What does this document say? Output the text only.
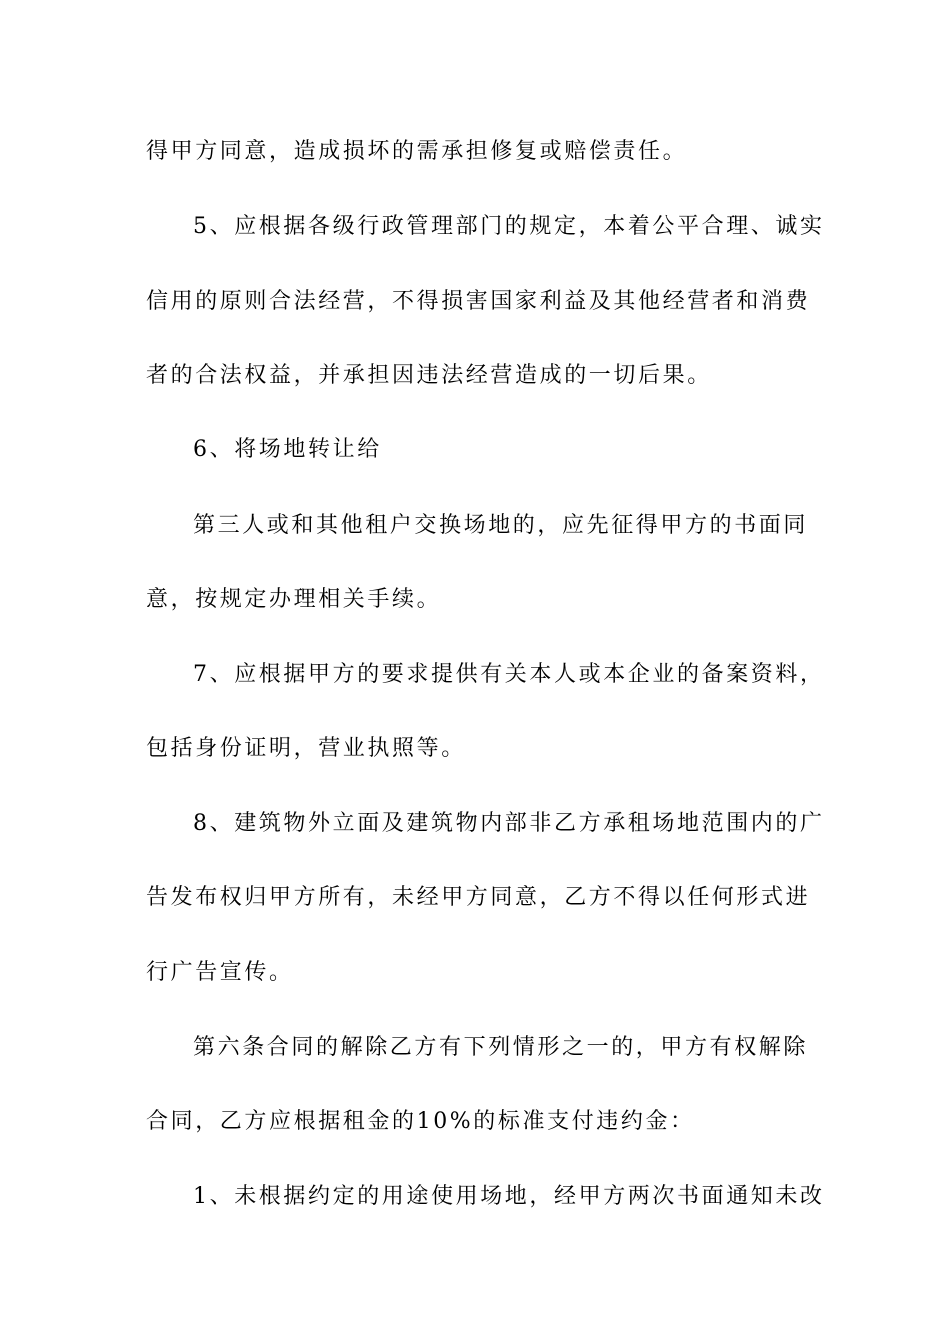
得甲方同意，造成损坏的需承担修复或赔偿责任。
5、应根据各级行政管理部门的规定，本着公平合理、诚实
信用的原则合法经营，不得损害国家利益及其他经营者和消费
者的合法权益，并承担因违法经营造成的一切后果。
6、将场地转让给
第三人或和其他租户交换场地的，应先征得甲方的书面同
意，按规定办理相关手续。
7、应根据甲方的要求提供有关本人或本企业的备案资料，
包括身份证明，营业执照等。
8、建筑物外立面及建筑物内部非乙方承租场地范围内的广
告发布权归甲方所有，未经甲方同意，乙方不得以任何形式进
行广告宣传。
第六条合同的解除乙方有下列情形之一的，甲方有权解除
合同，乙方应根据租金的10%的标准支付违约金：
1、未根据约定的用途使用场地，经甲方两次书面通知未改
